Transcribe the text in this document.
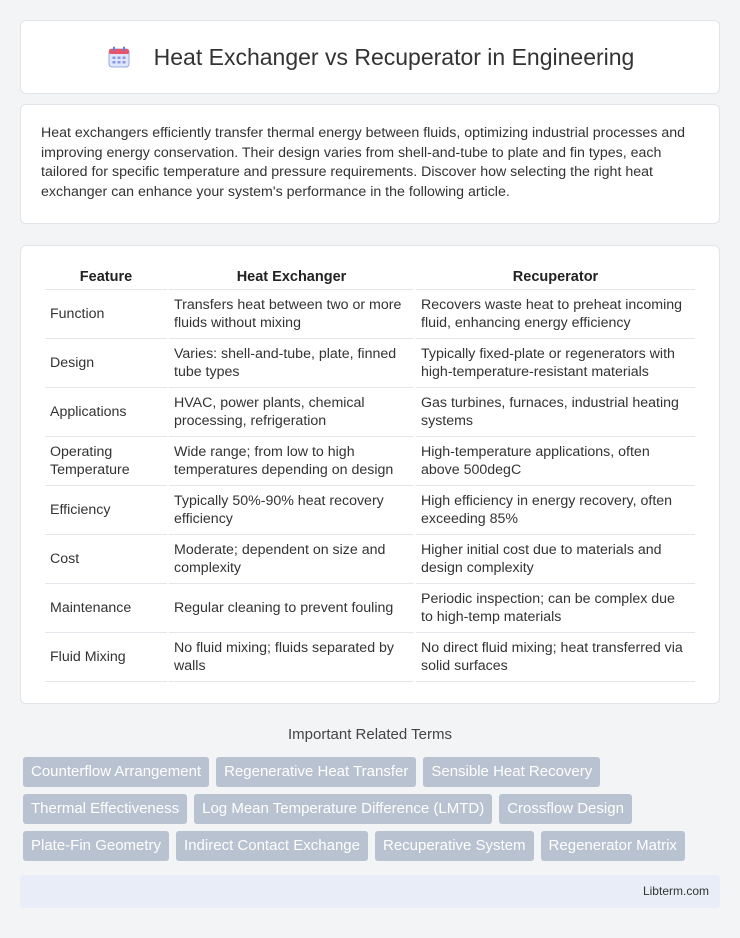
Heat Exchanger vs Recuperator in Engineering

Heat exchangers efficiently transfer thermal energy between fluids, optimizing industrial processes and improving energy conservation. Their design varies from shell-and-tube to plate and fin types, each tailored for specific temperature and pressure requirements. Discover how selecting the right heat exchanger can enhance your system's performance in the following article.

Feature	Heat Exchanger	Recuperator
Function	Transfers heat between two or more fluids without mixing	Recovers waste heat to preheat incoming fluid, enhancing energy efficiency
Design	Varies: shell-and-tube, plate, finned tube types	Typically fixed-plate or regenerators with high-temperature-resistant materials
Applications	HVAC, power plants, chemical processing, refrigeration	Gas turbines, furnaces, industrial heating systems
Operating Temperature	Wide range; from low to high temperatures depending on design	High-temperature applications, often above 500degC
Efficiency	Typically 50%-90% heat recovery efficiency	High efficiency in energy recovery, often exceeding 85%
Cost	Moderate; dependent on size and complexity	Higher initial cost due to materials and design complexity
Maintenance	Regular cleaning to prevent fouling	Periodic inspection; can be complex due to high-temp materials
Fluid Mixing	No fluid mixing; fluids separated by walls	No direct fluid mixing; heat transferred via solid surfaces
Important Related Terms
Counterflow Arrangement	Regenerative Heat Transfer	Sensible Heat Recovery
Thermal Effectiveness	Log Mean Temperature Difference (LMTD)	Crossflow Design
Plate-Fin Geometry	Indirect Contact Exchange	Recuperative System	Regenerator Matrix
Libterm.com
